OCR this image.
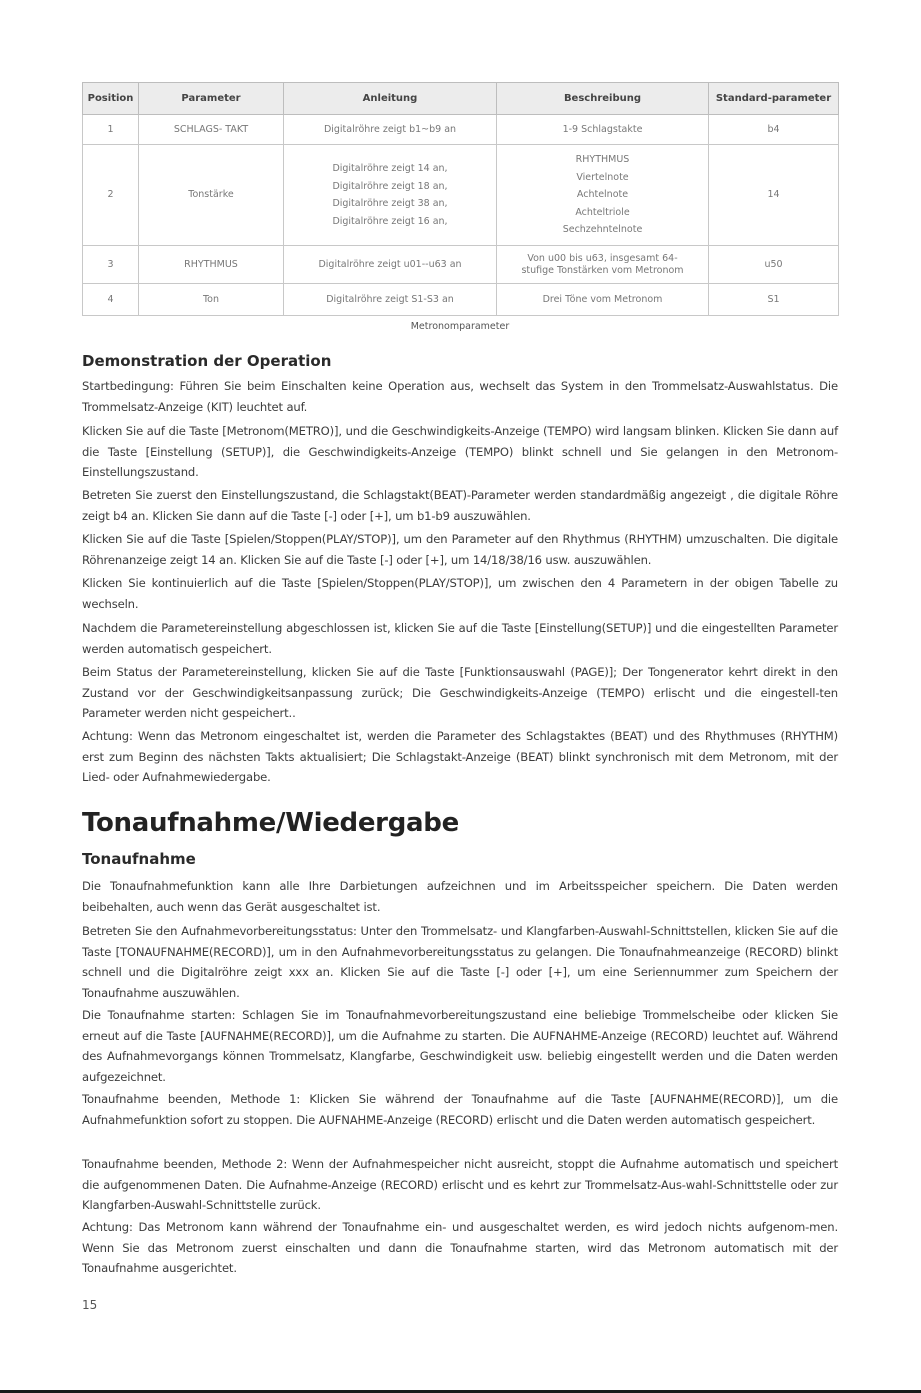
Position	Parameter	Anleitung	Beschreibung	Standard-parameter
1	SCHLAGS- TAKT	Digitalröhre zeigt b1~b9 an	1-9 Schlagstakte	b4
2	Tonstärke	Digitalröhre zeigt 14 an,
Digitalröhre zeigt 18 an,
Digitalröhre zeigt 38 an,
Digitalröhre zeigt 16 an,	RHYTHMUS
Viertelnote
Achtelnote
Achteltriole
Sechzehntelnote	14
3	RHYTHMUS	Digitalröhre zeigt u01--u63 an	Von u00 bis u63, insgesamt 64-
stufige Tonstärken vom Metronom	u50
4	Ton	Digitalröhre zeigt S1-S3 an	Drei Töne vom Metronom	S1
Metronomparameter
Demonstration der Operation

Startbedingung: Führen Sie beim Einschalten keine Operation aus, wechselt das System in den Trommelsatz-Auswahlstatus. Die Trommelsatz-Anzeige (KIT) leuchtet auf.

Klicken Sie auf die Taste [Metronom(METRO)], und die Geschwindigkeits-Anzeige (TEMPO) wird langsam blinken. Klicken Sie dann auf die Taste [Einstellung (SETUP)], die Geschwindigkeits-Anzeige (TEMPO) blinkt schnell und Sie gelangen in den Metronom-Einstellungszustand.

Betreten Sie zuerst den Einstellungszustand, die Schlagstakt(BEAT)-Parameter werden standardmäßig angezeigt , die digitale Röhre zeigt b4 an. Klicken Sie dann auf die Taste [-] oder [+], um b1-b9 auszuwählen.

Klicken Sie auf die Taste [Spielen/Stoppen(PLAY/STOP)], um den Parameter auf den Rhythmus (RHYTHM) umzuschalten. Die digitale Röhrenanzeige zeigt 14 an. Klicken Sie auf die Taste [-] oder [+], um 14/18/38/16 usw. auszuwählen.

Klicken Sie kontinuierlich auf die Taste [Spielen/Stoppen(PLAY/STOP)], um zwischen den 4 Parametern in der obigen Tabelle zu wechseln.

Nachdem die Parametereinstellung abgeschlossen ist, klicken Sie auf die Taste [Einstellung(SETUP)] und die eingestellten Parameter werden automatisch gespeichert.

Beim Status der Parametereinstellung, klicken Sie auf die Taste [Funktionsauswahl (PAGE)]; Der Tongenerator kehrt direkt in den Zustand vor der Geschwindigkeitsanpassung zurück; Die Geschwindigkeits-Anzeige (TEMPO) erlischt und die eingestell-ten Parameter werden nicht gespeichert..

Achtung: Wenn das Metronom eingeschaltet ist, werden die Parameter des Schlagstaktes (BEAT) und des Rhythmuses (RHYTHM) erst zum Beginn des nächsten Takts aktualisiert; Die Schlagstakt-Anzeige (BEAT) blinkt synchronisch mit dem Metronom, mit der Lied- oder Aufnahmewiedergabe.

Tonaufnahme/Wiedergabe
Tonaufnahme

Die Tonaufnahmefunktion kann alle Ihre Darbietungen aufzeichnen und im Arbeitsspeicher speichern. Die Daten werden beibehalten, auch wenn das Gerät ausgeschaltet ist.

Betreten Sie den Aufnahmevorbereitungsstatus: Unter den Trommelsatz- und Klangfarben-Auswahl-Schnittstellen, klicken Sie auf die Taste [TONAUFNAHME(RECORD)], um in den Aufnahmevorbereitungsstatus zu gelangen. Die Tonaufnahmeanzeige (RECORD) blinkt schnell und die Digitalröhre zeigt xxx an. Klicken Sie auf die Taste [-] oder [+], um eine Seriennummer zum Speichern der Tonaufnahme auszuwählen.

Die Tonaufnahme starten: Schlagen Sie im Tonaufnahmevorbereitungszustand eine beliebige Trommelscheibe oder klicken Sie erneut auf die Taste [AUFNAHME(RECORD)], um die Aufnahme zu starten. Die AUFNAHME-Anzeige (RECORD) leuchtet auf. Während des Aufnahmevorgangs können Trommelsatz, Klangfarbe, Geschwindigkeit usw. beliebig eingestellt werden und die Daten werden aufgezeichnet.

Tonaufnahme beenden, Methode 1: Klicken Sie während der Tonaufnahme auf die Taste [AUFNAHME(RECORD)], um die Aufnahmefunktion sofort zu stoppen. Die AUFNAHME-Anzeige (RECORD) erlischt und die Daten werden automatisch gespeichert.

Tonaufnahme beenden, Methode 2: Wenn der Aufnahmespeicher nicht ausreicht, stoppt die Aufnahme automatisch und speichert die aufgenommenen Daten. Die Aufnahme-Anzeige (RECORD) erlischt und es kehrt zur Trommelsatz-Aus-wahl-Schnittstelle oder zur Klangfarben-Auswahl-Schnittstelle zurück.

Achtung: Das Metronom kann während der Tonaufnahme ein- und ausgeschaltet werden, es wird jedoch nichts aufgenom-men. Wenn Sie das Metronom zuerst einschalten und dann die Tonaufnahme starten, wird das Metronom automatisch mit der Tonaufnahme ausgerichtet.

15
